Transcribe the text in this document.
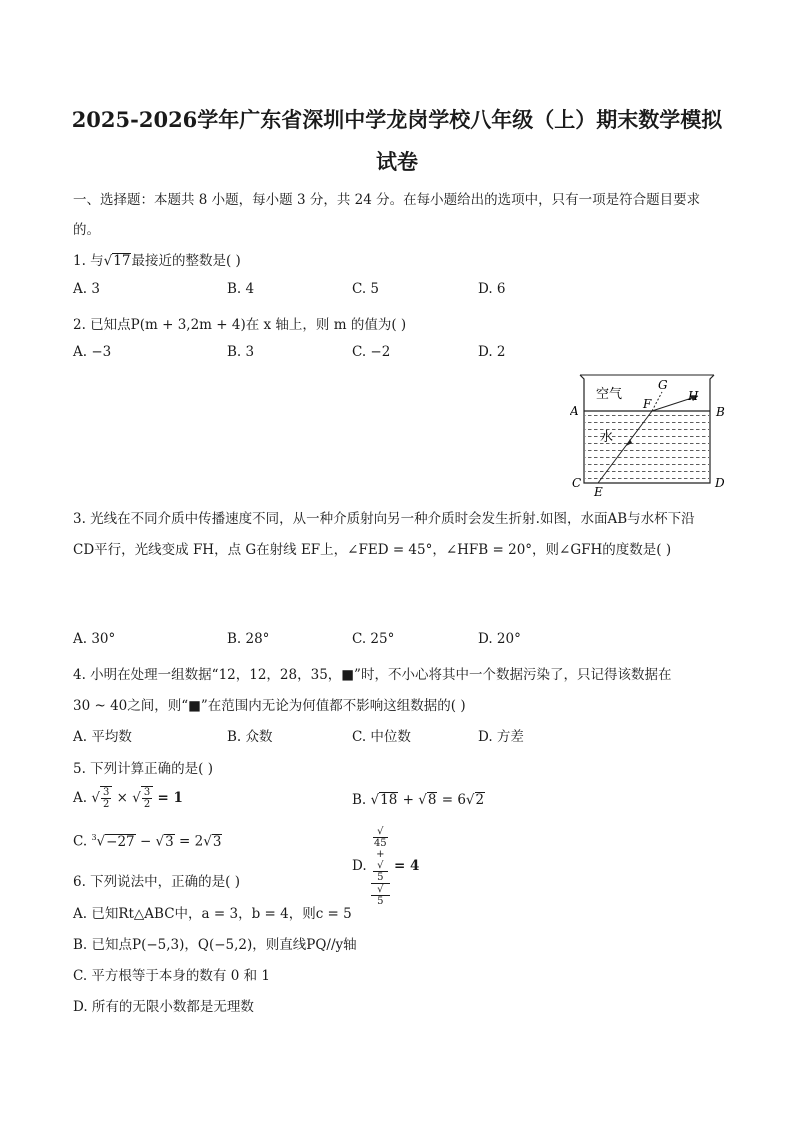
2025-2026学年广东省深圳中学龙岗学校八年级（上）期末数学模拟
试卷
一、选择题：本题共 8 小题，每小题 3 分，共 24 分。在每小题给出的选项中，只有一项是符合题目要求
的。
1. 与√17最接近的整数是( )
A. 3	B. 4	C. 5	D. 6
2. 已知点P(m + 3,2m + 4)在 x 轴上，则 m 的值为( )
A. −3	B. 3	C. −2	D. 2
空气
水
A	B
C	D
E
F
G
H
3. 光线在不同介质中传播速度不同，从一种介质射向另一种介质时会发生折射.如图，水面AB与水杯下沿
CD平行，光线变成 FH，点 G在射线 EF上，∠FED = 45°，∠HFB = 20°，则∠GFH的度数是( )
A. 30°	B. 28°	C. 25°	D. 20°
4. 小明在处理一组数据“12，12，28，35，■”时，不小心将其中一个数据污染了，只记得该数据在
30 ~ 40之间，则“■”在范围内无论为何值都不影响这组数据的( )
A. 平均数	B. 众数	C. 中位数	D. 方差
5. 下列计算正确的是( )
A. √ $\frac{3}{2}$ × √ $\frac{3}{2} = 1$	B. √18 + √8 = 6√2
C. $^3$√−27 − √3 = 2√3
D. √
45
+
√
5
√
5 = 4
6. 下列说法中，正确的是( )
A. 已知Rt△ABC中，a = 3，b = 4，则c = 5
B. 已知点P(−5,3)，Q(−5,2)，则直线PQ//y轴
C. 平方根等于本身的数有 0 和 1
D. 所有的无限小数都是无理数
